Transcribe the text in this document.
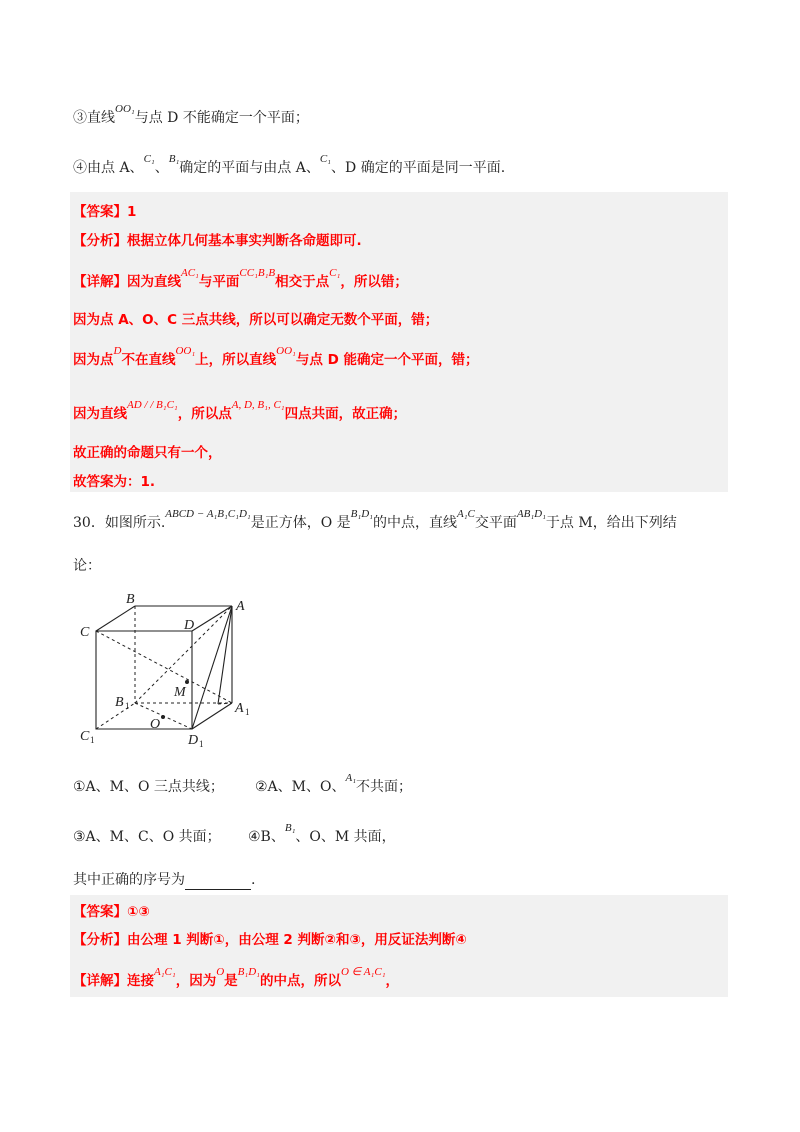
③直线$^{OO_1}$与点 D 不能确定一个平面；
④由点 A、$^{C_1}$、$^{B_1}$确定的平面与由点 A、$^{C_1}$、D 确定的平面是同一平面.
【答案】1
【分析】根据立体几何基本事实判断各命题即可.
【详解】因为直线$^{AC_1}$与平面$^{CC_1B_1B}$相交于点$^{C_1}$，所以错；
因为点 A、O、C 三点共线，所以可以确定无数个平面，错；
因为点$^D$不在直线$^{OO_1}$上，所以直线$^{OO_1}$与点 D 能确定一个平面，错；
因为直线$^{AD / / B_1C_1}$，所以点$^{A, D, B_1, C_1}$四点共面，故正确；
故正确的命题只有一个，
故答案为：1.
30．如图所示.$^{ABCD - A_1B_1C_1D_1}$是正方体，O 是$^{B_1D_1}$的中点，直线$^{A_1C}$交平面$^{AB_1D_1}$于点 M，给出下列结
论：
B	A
C	D
M
B 1	A 1
O
C 1	D 1
①A、M、O 三点共线； ②A、M、O、$^{A_1}$不共面；
③A、M、C、O 共面； ④B、$^{B_1}$、O、M 共面，
其中正确的序号为	.
【答案】①③
【分析】由公理 1 判断①，由公理 2 判断②和③，用反证法判断④
【详解】连接$^{A_1C_1}$，因为$^O$是$^{B_1D_1}$的中点，所以$^{O \in A_1C_1}$，
